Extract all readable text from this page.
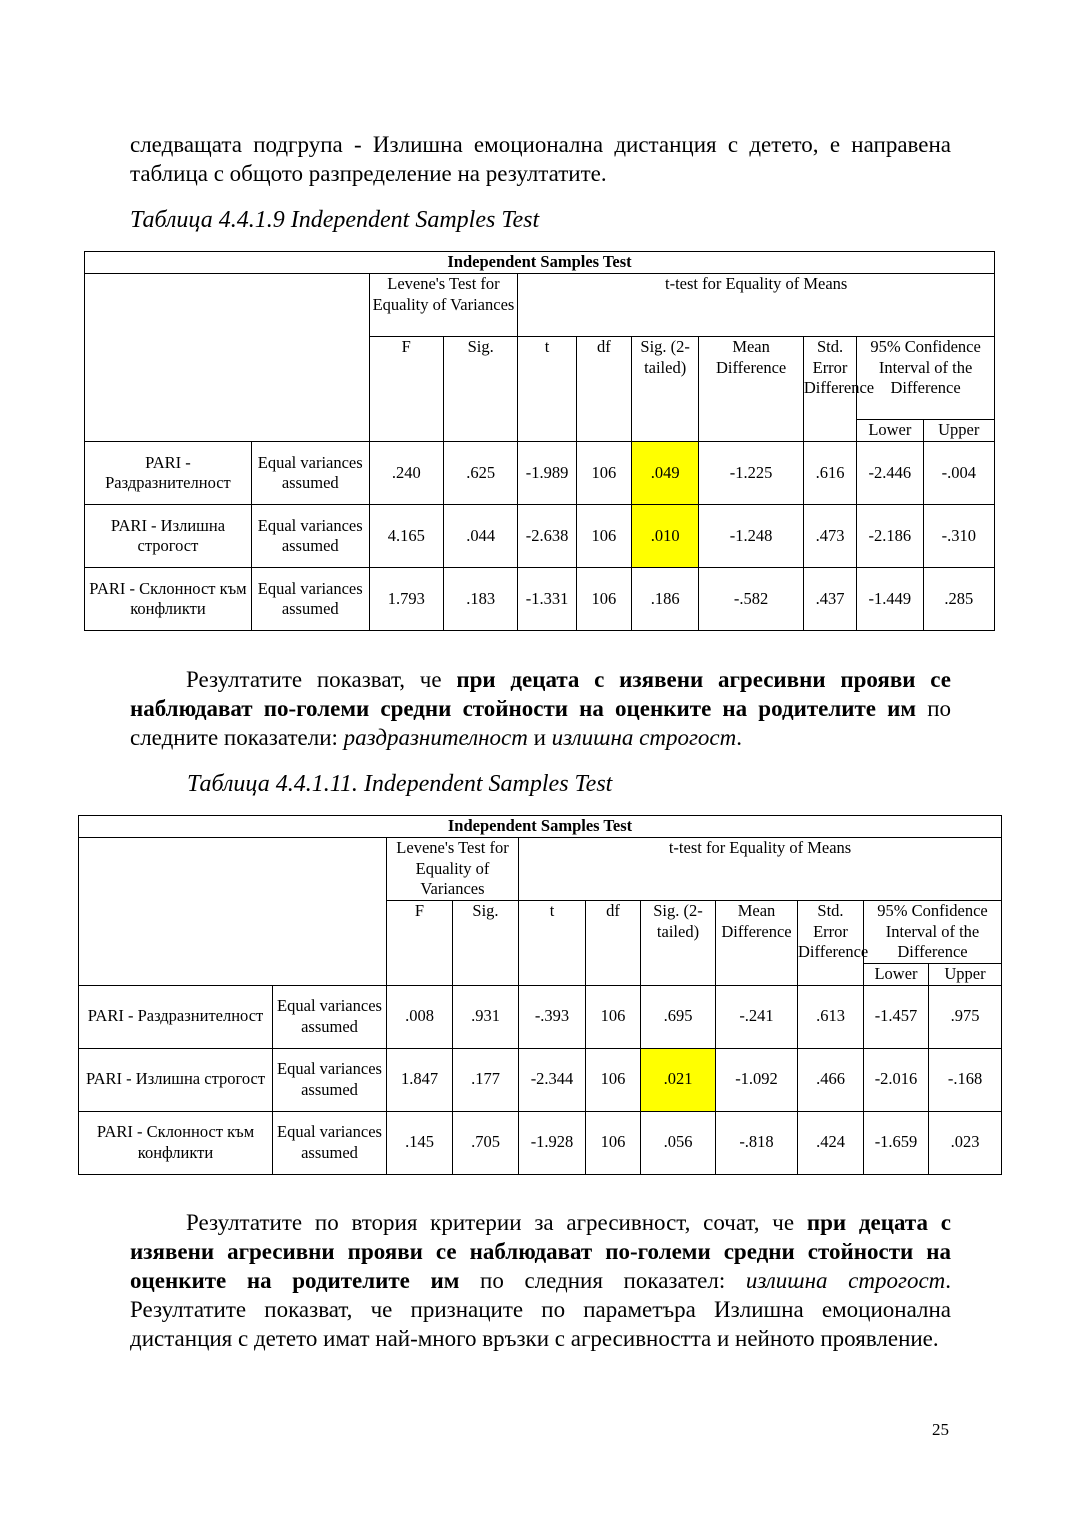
следващата подгрупа - Излишна емоционална дистанция с детето, е направена таблица с общото разпределение на резултатите.

Таблица 4.4.1.9 Independent Samples Test

Independent Samples Test										
		Levene's Test for Equality of Variances		t-test for Equality of Means						
		F	Sig.	t	df	Sig. (2-tailed)	Mean Difference	Std. Error Difference	95% Confidence Interval of the Difference	
									Lower	Upper
PARI - Раздразнителност	Equal variances assumed	.240	.625	-1.989	106	.049	-1.225	.616	-2.446	-.004
PARI - Излишна строгост	Equal variances assumed	4.165	.044	-2.638	106	.010	-1.248	.473	-2.186	-.310
PARI - Склонност към конфликти	Equal variances assumed	1.793	.183	-1.331	106	.186	-.582	.437	-1.449	.285

Резултатите показват, че при децата с изявени агресивни прояви се наблюдават по-големи средни стойности на оценките на родителите им по следните показатели: раздразнителност и излишна строгост.

Таблица 4.4.1.11. Independent Samples Test

Independent Samples Test										
		Levene's Test for Equality of Variances		t-test for Equality of Means						
		F	Sig.	t	df	Sig. (2-tailed)	Mean Difference	Std. Error Difference	95% Confidence Interval of the Difference	
									Lower	Upper
PARI - Раздразнителност	Equal variances assumed	.008	.931	-.393	106	.695	-.241	.613	-1.457	.975
PARI - Излишна строгост	Equal variances assumed	1.847	.177	-2.344	106	.021	-1.092	.466	-2.016	-.168
PARI - Склонност към конфликти	Equal variances assumed	.145	.705	-1.928	106	.056	-.818	.424	-1.659	.023

Резултатите по втория критерии за агресивност, сочат, че при децата с изявени агресивни прояви се наблюдават по-големи средни стойности на оценките на родителите им по следния показател: излишна строгост. Резултатите показват, че признаците по параметъра Излишна емоционална дистанция с детето имат най-много връзки с агресивността и нейното проявление.

25
